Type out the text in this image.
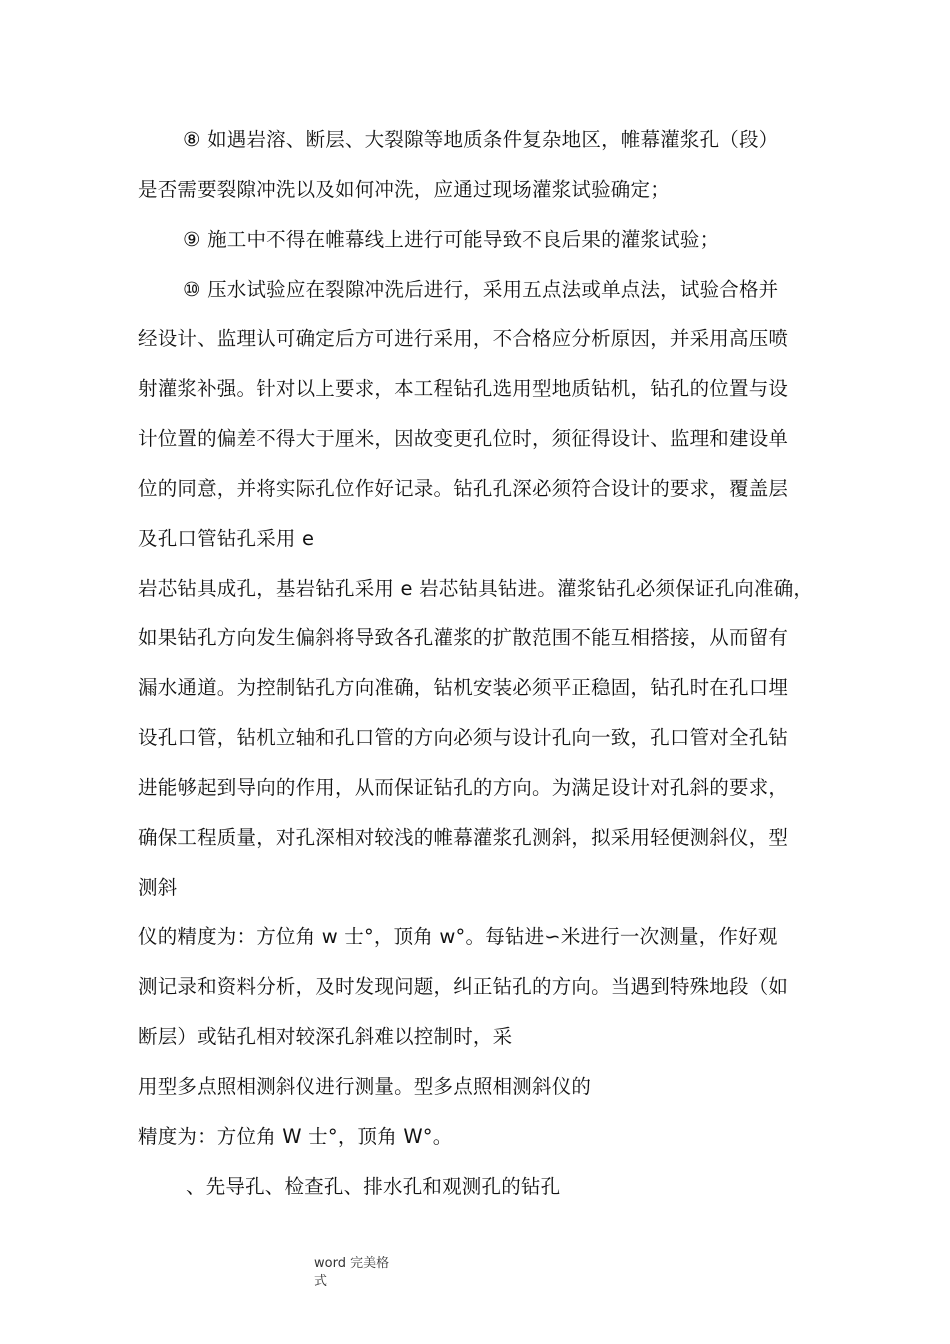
⑧ 如遇岩溶、断层、大裂隙等地质条件复杂地区，帷幕灌浆孔（段）
是否需要裂隙冲洗以及如何冲洗，应通过现场灌浆试验确定；
⑨ 施工中不得在帷幕线上进行可能导致不良后果的灌浆试验；
⑩ 压水试验应在裂隙冲洗后进行，采用五点法或单点法，试验合格并
经设计、监理认可确定后方可进行采用，不合格应分析原因，并采用高压喷
射灌浆补强。针对以上要求，本工程钻孔选用型地质钻机，钻孔的位置与设
计位置的偏差不得大于厘米，因故变更孔位时，须征得设计、监理和建设单
位的同意，并将实际孔位作好记录。钻孔孔深必须符合设计的要求，覆盖层
及孔口管钻孔采用 e
岩芯钻具成孔，基岩钻孔采用 e 岩芯钻具钻进。灌浆钻孔必须保证孔向准确，
如果钻孔方向发生偏斜将导致各孔灌浆的扩散范围不能互相搭接，从而留有
漏水通道。为控制钻孔方向准确，钻机安装必须平正稳固，钻孔时在孔口埋
设孔口管，钻机立轴和孔口管的方向必须与设计孔向一致，孔口管对全孔钻
进能够起到导向的作用，从而保证钻孔的方向。为满足设计对孔斜的要求，
确保工程质量，对孔深相对较浅的帷幕灌浆孔测斜，拟采用轻便测斜仪，型
测斜
仪的精度为：方位角 w 士°，顶角 w°。每钻进∽米进行一次测量，作好观
测记录和资料分析，及时发现问题，纠正钻孔的方向。当遇到特殊地段（如
断层）或钻孔相对较深孔斜难以控制时，采
用型多点照相测斜仪进行测量。型多点照相测斜仪的
精度为：方位角 W 士°，顶角 W°。
、先导孔、检查孔、排水孔和观测孔的钻孔
word 完美格
式
